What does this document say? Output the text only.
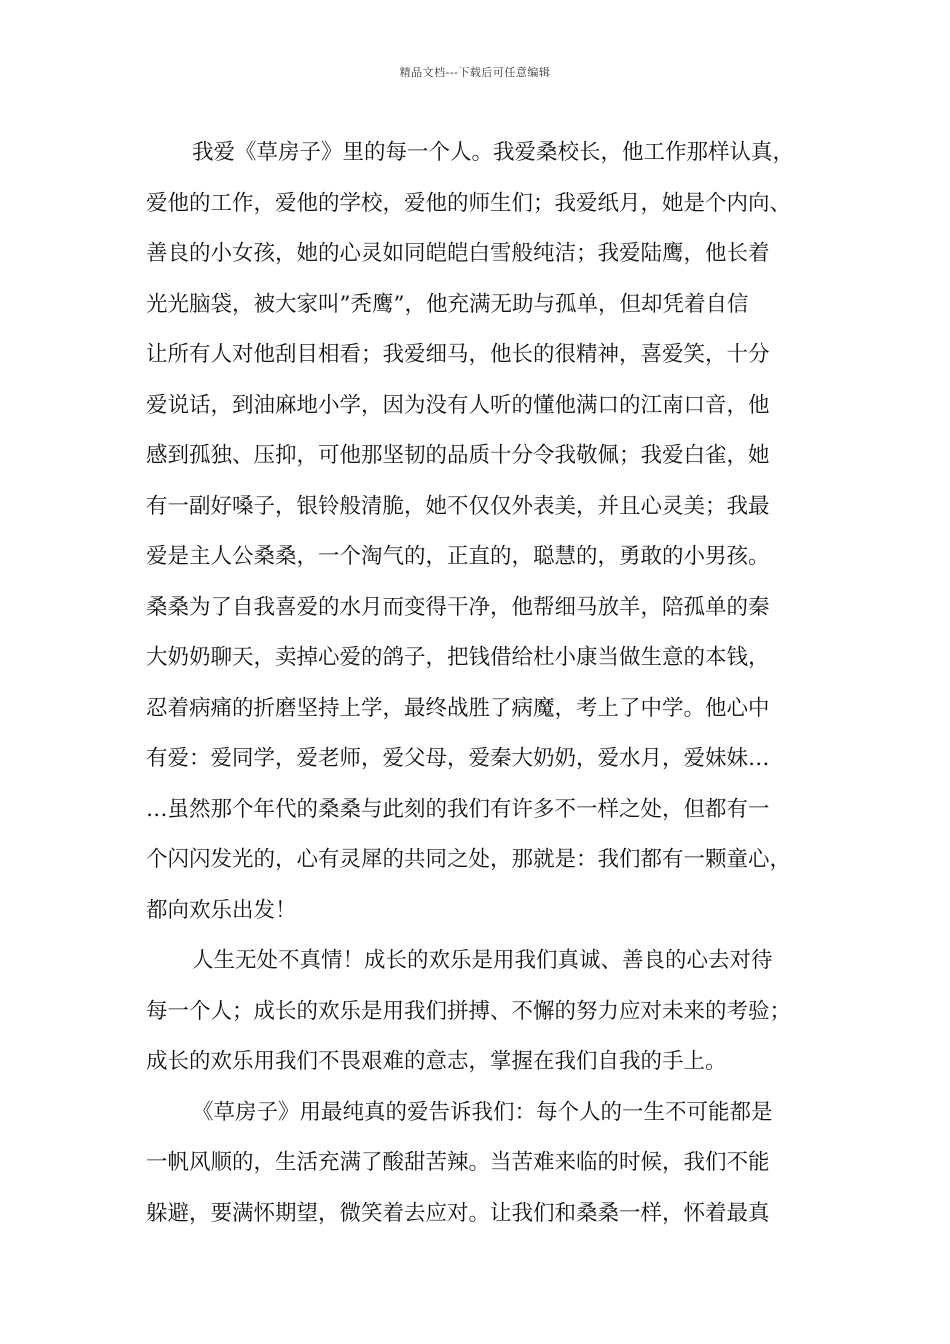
精品文档---下载后可任意编辑
我爱《草房子》里的每一个人。我爱桑校长，他工作那样认真，
爱他的工作，爱他的学校，爱他的师生们；我爱纸月，她是个内向、
善良的小女孩，她的心灵如同皑皑白雪般纯洁；我爱陆鹰，他长着
光光脑袋，被大家叫”秃鹰”，他充满无助与孤单，但却凭着自信
让所有人对他刮目相看；我爱细马，他长的很精神，喜爱笑，十分
爱说话，到油麻地小学，因为没有人听的懂他满口的江南口音，他
感到孤独、压抑，可他那坚韧的品质十分令我敬佩；我爱白雀，她
有一副好嗓子，银铃般清脆，她不仅仅外表美，并且心灵美；我最
爱是主人公桑桑，一个淘气的，正直的，聪慧的，勇敢的小男孩。
桑桑为了自我喜爱的水月而变得干净，他帮细马放羊，陪孤单的秦
大奶奶聊天，卖掉心爱的鸽子，把钱借给杜小康当做生意的本钱，
忍着病痛的折磨坚持上学，最终战胜了病魔，考上了中学。他心中
有爱：爱同学，爱老师，爱父母，爱秦大奶奶，爱水月，爱妹妹…
…虽然那个年代的桑桑与此刻的我们有许多不一样之处，但都有一
个闪闪发光的，心有灵犀的共同之处，那就是：我们都有一颗童心，
都向欢乐出发！
人生无处不真情！成长的欢乐是用我们真诚、善良的心去对待
每一个人；成长的欢乐是用我们拼搏、不懈的努力应对未来的考验；
成长的欢乐用我们不畏艰难的意志，掌握在我们自我的手上。
《草房子》用最纯真的爱告诉我们：每个人的一生不可能都是
一帆风顺的，生活充满了酸甜苦辣。当苦难来临的时候，我们不能
躲避，要满怀期望，微笑着去应对。让我们和桑桑一样，怀着最真
